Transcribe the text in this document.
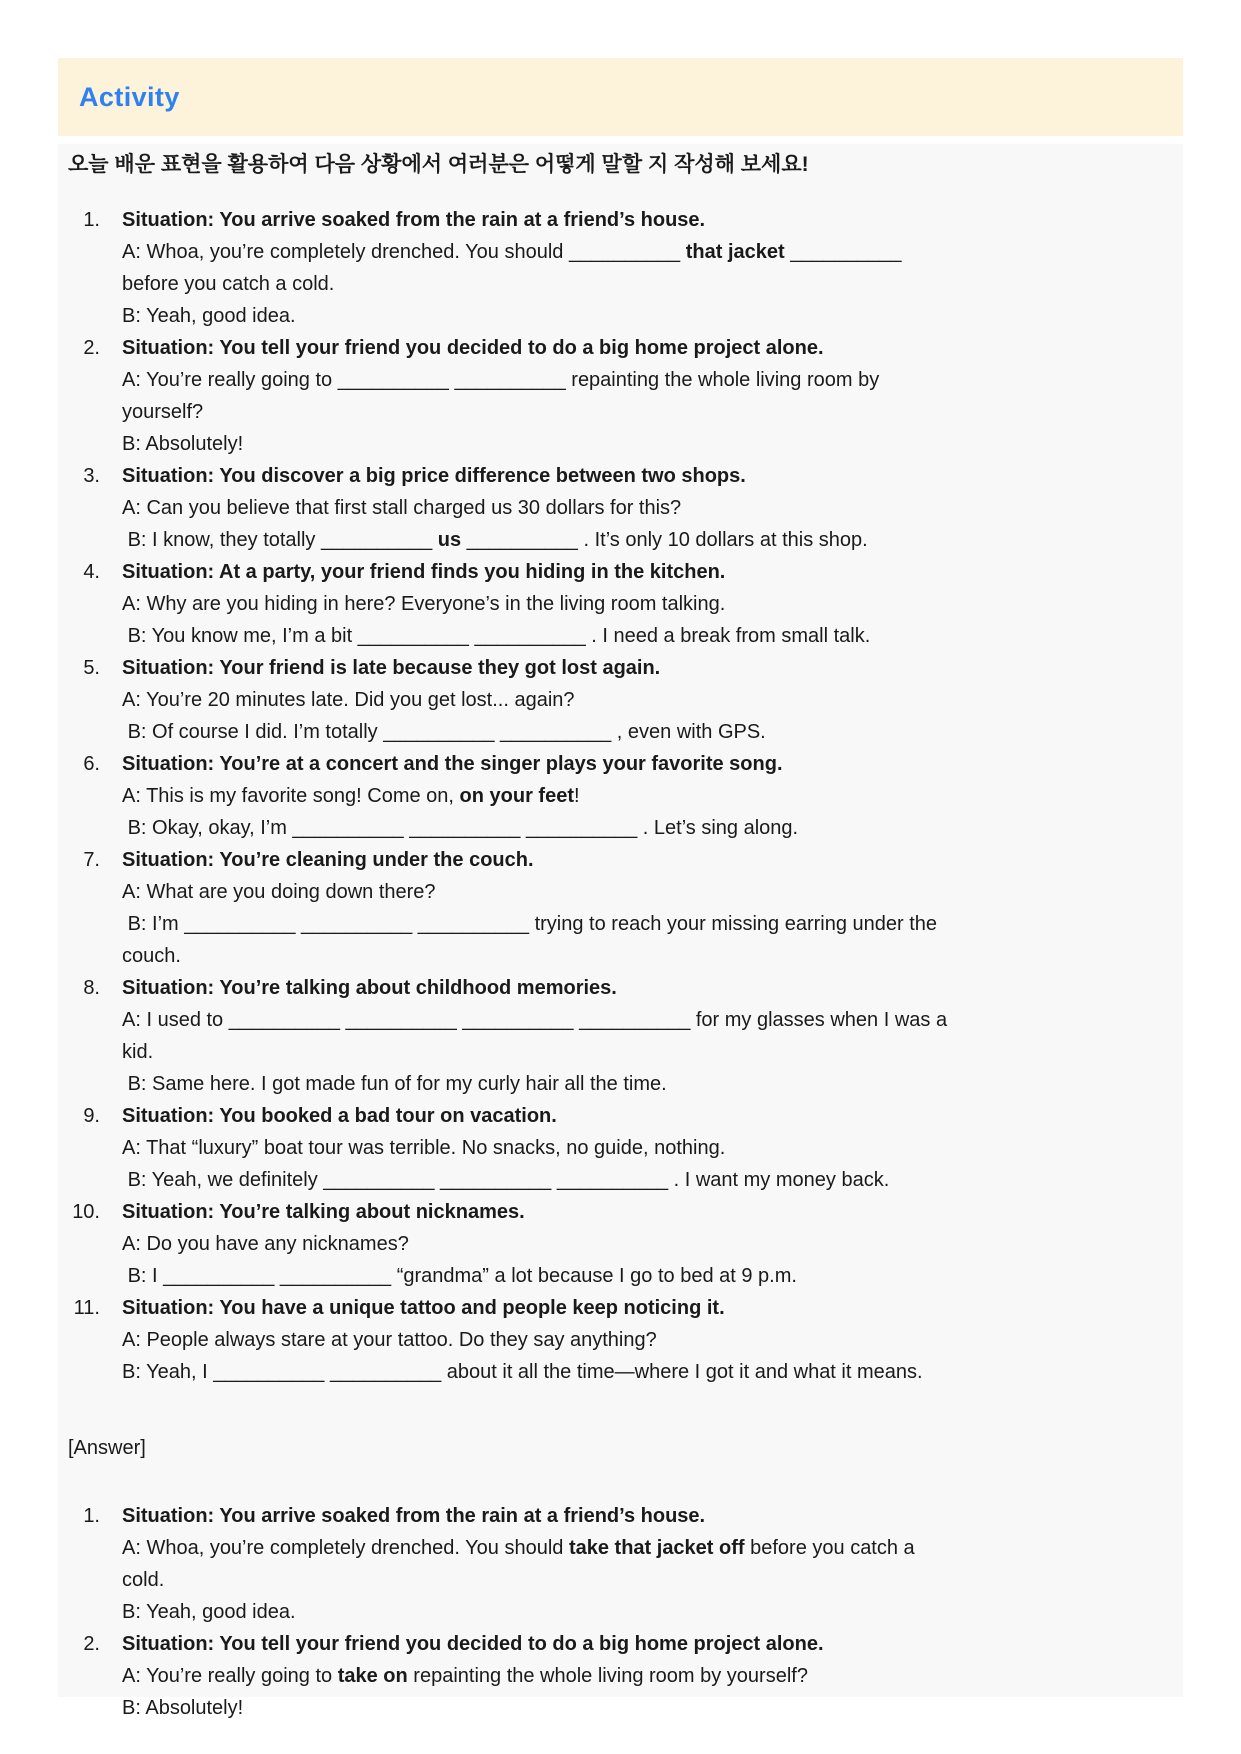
Activity
오늘 배운 표현을 활용하여 다음 상황에서 여러분은 어떻게 말할 지 작성해 보세요!
1. Situation: You arrive soaked from the rain at a friend’s house.
A: Whoa, you’re completely drenched. You should __________ that jacket __________
before you catch a cold.
B: Yeah, good idea.
2. Situation: You tell your friend you decided to do a big home project alone.
A: You’re really going to __________ __________ repainting the whole living room by
yourself?
B: Absolutely!
3. Situation: You discover a big price difference between two shops.
A: Can you believe that first stall charged us 30 dollars for this?
B: I know, they totally __________ us __________ . It’s only 10 dollars at this shop.
4. Situation: At a party, your friend finds you hiding in the kitchen.
A: Why are you hiding in here? Everyone’s in the living room talking.
B: You know me, I’m a bit __________ __________ . I need a break from small talk.
5. Situation: Your friend is late because they got lost again.
A: You’re 20 minutes late. Did you get lost... again?
B: Of course I did. I’m totally __________ __________ , even with GPS.
6. Situation: You’re at a concert and the singer plays your favorite song.
A: This is my favorite song! Come on, on your feet!
B: Okay, okay, I’m __________ __________ __________ . Let’s sing along.
7. Situation: You’re cleaning under the couch.
A: What are you doing down there?
B: I’m __________ __________ __________ trying to reach your missing earring under the
couch.
8. Situation: You’re talking about childhood memories.
A: I used to __________ __________ __________ __________ for my glasses when I was a
kid.
B: Same here. I got made fun of for my curly hair all the time.
9. Situation: You booked a bad tour on vacation.
A: That “luxury” boat tour was terrible. No snacks, no guide, nothing.
B: Yeah, we definitely __________ __________ __________ . I want my money back.
10. Situation: You’re talking about nicknames.
A: Do you have any nicknames?
B: I __________ __________ “grandma” a lot because I go to bed at 9 p.m.
11. Situation: You have a unique tattoo and people keep noticing it.
A: People always stare at your tattoo. Do they say anything?
B: Yeah, I __________ __________ about it all the time—where I got it and what it means.
[Answer]
1. Situation: You arrive soaked from the rain at a friend’s house.
A: Whoa, you’re completely drenched. You should take that jacket off before you catch a
cold.
B: Yeah, good idea.
2. Situation: You tell your friend you decided to do a big home project alone.
A: You’re really going to take on repainting the whole living room by yourself?
B: Absolutely!
